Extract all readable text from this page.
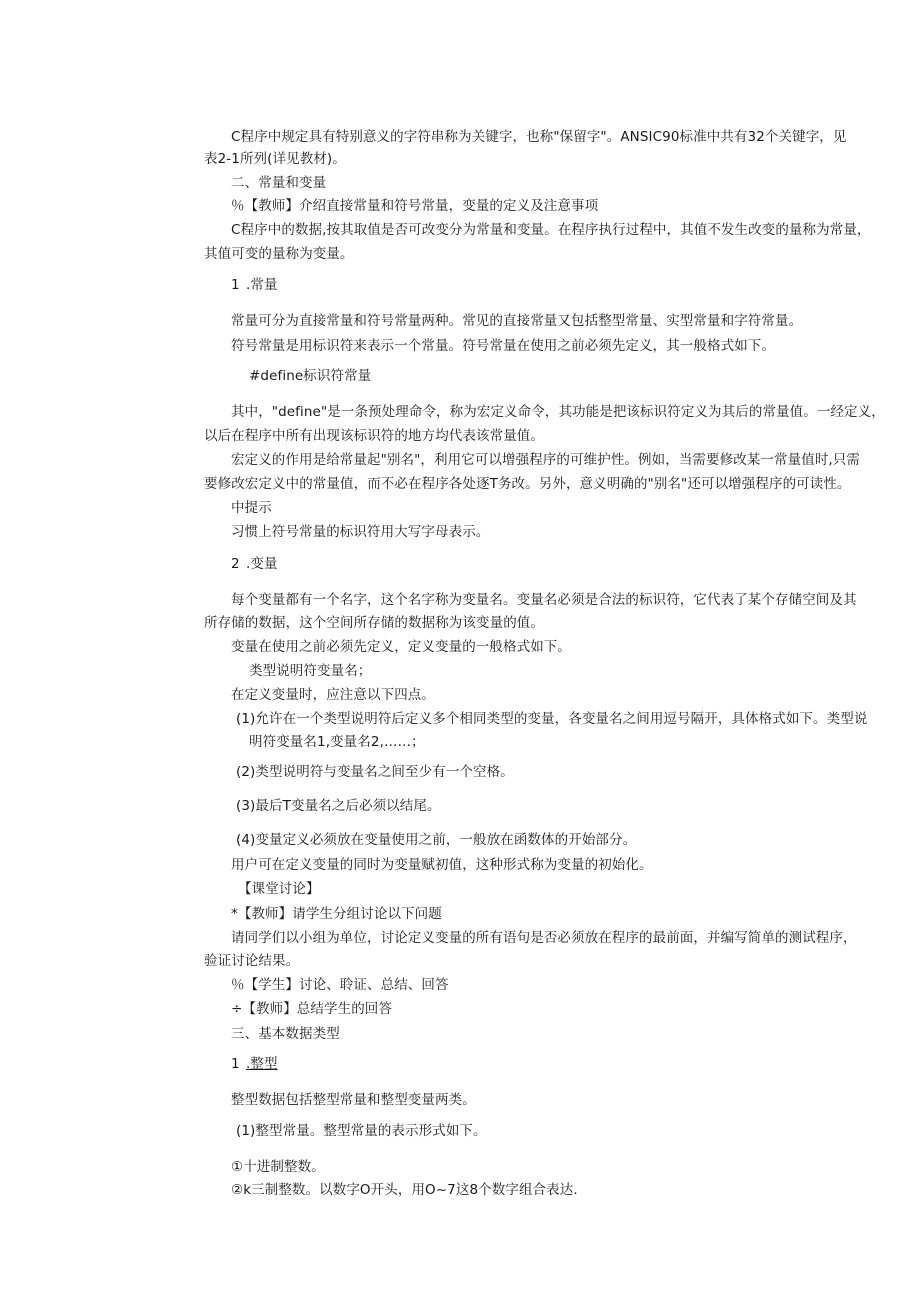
C程序中规定具有特别意义的字符串称为关键字，也称"保留字"。ANSIC90标准中共有32个关键字，见
表2-1所列(详见教材)。
二、常量和变量
％【教师】介绍直接常量和符号常量，变量的定义及注意事项
C程序中的数据,按其取值是否可改变分为常量和变量。在程序执行过程中，其值不发生改变的量称为常量，
其值可变的量称为变量。
1 .常量
常量可分为直接常量和符号常量两种。常见的直接常量又包括整型常量、实型常量和字符常量。
符号常量是用标识符来表示一个常量。符号常量在使用之前必须先定义，其一般格式如下。
#define标识符常量
其中，"define"是一条预处理命令，称为宏定义命令，其功能是把该标识符定义为其后的常量值。一经定义，
以后在程序中所有出现该标识符的地方均代表该常量值。
宏定义的作用是给常量起"别名"，利用它可以增强程序的可维护性。例如，当需要修改某一常量值时,只需
要修改宏定义中的常量值，而不必在程序各处逐T务改。另外，意义明确的"别名"还可以增强程序的可读性。
中提示
习惯上符号常量的标识符用大写字母表示。
2 .变量
每个变量都有一个名字，这个名字称为变量名。变量名必须是合法的标识符，它代表了某个存储空间及其
所存储的数据，这个空间所存储的数据称为该变量的值。
变量在使用之前必须先定义，定义变量的一般格式如下。
类型说明符变量名；
在定义变量时，应注意以下四点。
(1)允许在一个类型说明符后定义多个相同类型的变量，各变量名之间用逗号隔开，具体格式如下。类型说
明符变量名1,变量名2,……；
(2)类型说明符与变量名之间至少有一个空格。
(3)最后T变量名之后必须以结尾。
(4)变量定义必须放在变量使用之前，一般放在函数体的开始部分。
用户可在定义变量的同时为变量赋初值，这种形式称为变量的初始化。
【课堂讨论】
*【教师】请学生分组讨论以下问题
请同学们以小组为单位，讨论定义变量的所有语句是否必须放在程序的最前面，并编写简单的测试程序，
验证讨论结果。
％【学生】讨论、聆证、总结、回答
÷【教师】总结学生的回答
三、基本数据类型
1 .整型
整型数据包括整型常量和整型变量两类。
(1)整型常量。整型常量的表示形式如下。
①十进制整数。
②k三制整数。以数字O开头，用O~7这8个数字组合表达.
